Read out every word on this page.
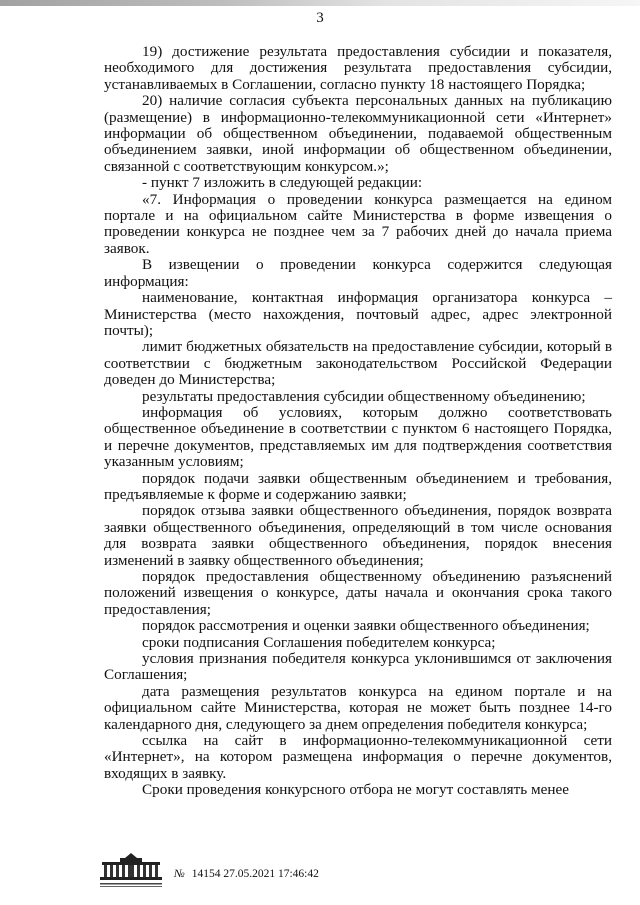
3

19) достижение результата предоставления субсидии и показателя, необходимого для достижения результата предоставления субсидии, устанавливаемых в Соглашении, согласно пункту 18 настоящего Порядка;

20) наличие согласия субъекта персональных данных на публикацию (размещение) в информационно-телекоммуникационной сети «Интернет» информации об общественном объединении, подаваемой общественным объединением заявки, иной информации об общественном объединении, связанной с соответствующим конкурсом.»;

- пункт 7 изложить в следующей редакции:

«7. Информация о проведении конкурса размещается на едином портале и на официальном сайте Министерства в форме извещения о проведении конкурса не позднее чем за 7 рабочих дней до начала приема заявок.

В извещении о проведении конкурса содержится следующая информация:

наименование, контактная информация организатора конкурса – Министерства (место нахождения, почтовый адрес, адрес электронной почты);

лимит бюджетных обязательств на предоставление субсидии, который в соответствии с бюджетным законодательством Российской Федерации доведен до Министерства;

результаты предоставления субсидии общественному объединению;

информация об условиях, которым должно соответствовать общественное объединение в соответствии с пунктом 6 настоящего Порядка, и перечне документов, представляемых им для подтверждения соответствия указанным условиям;

порядок подачи заявки общественным объединением и требования, предъявляемые к форме и содержанию заявки;

порядок отзыва заявки общественного объединения, порядок возврата заявки общественного объединения, определяющий в том числе основания для возврата заявки общественного объединения, порядок внесения изменений в заявку общественного объединения;

порядок предоставления общественному объединению разъяснений положений извещения о конкурсе, даты начала и окончания срока такого предоставления;

порядок рассмотрения и оценки заявки общественного объединения;

сроки подписания Соглашения победителем конкурса;

условия признания победителя конкурса уклонившимся от заключения Соглашения;

дата размещения результатов конкурса на едином портале и на официальном сайте Министерства, которая не может быть позднее 14-го календарного дня, следующего за днем определения победителя конкурса;

ссылка на сайт в информационно-телекоммуникационной сети «Интернет», на котором размещена информация о перечне документов, входящих в заявку.

Сроки проведения конкурсного отбора не могут составлять менее

№ 14154 27.05.2021 17:46:42
